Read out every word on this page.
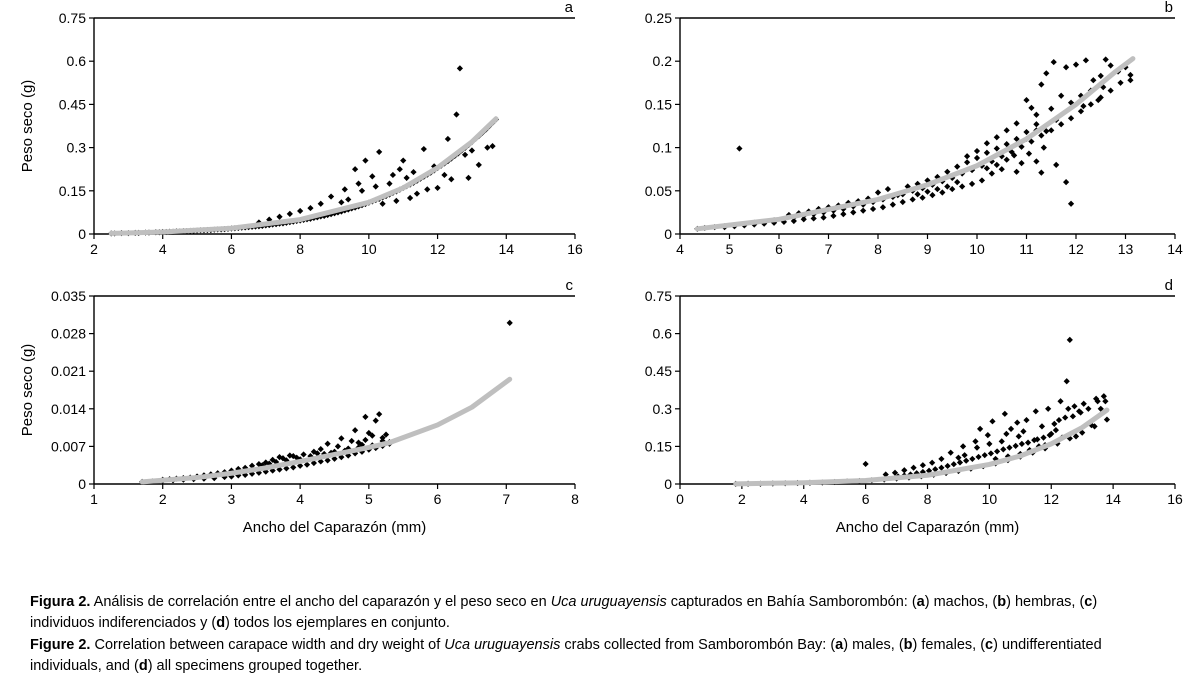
0
0.15
0.3
0.45
0.6
0.75
2	4	6	8	10	12	14	16
a
Peso seco (g)
0
0.05
0.1
0.15
0.2
0.25
4	5	6	7	8	9	10 11 12 13 14
b
0
0.007
0.014
0.021
0.028
0.035
1	2	3	4	5	6	7	8
c
Peso seco (g)
Ancho del Caparazón (mm)
0
0.15
0.3
0.45
0.6
0.75
0	2	4	6	8	10	12	14	16
d
Ancho del Caparazón (mm)

Figura 2. Análisis de correlación entre el ancho del caparazón y el peso seco en Uca uruguayensis capturados en Bahía Samborombón: (a) machos, (b) hembras, (c) individuos indiferenciados y (d) todos los ejemplares en conjunto.

Figure 2. Correlation between carapace width and dry weight of Uca uruguayensis crabs collected from Samborombón Bay: (a) males, (b) females, (c) undifferentiated individuals, and (d) all specimens grouped together.
